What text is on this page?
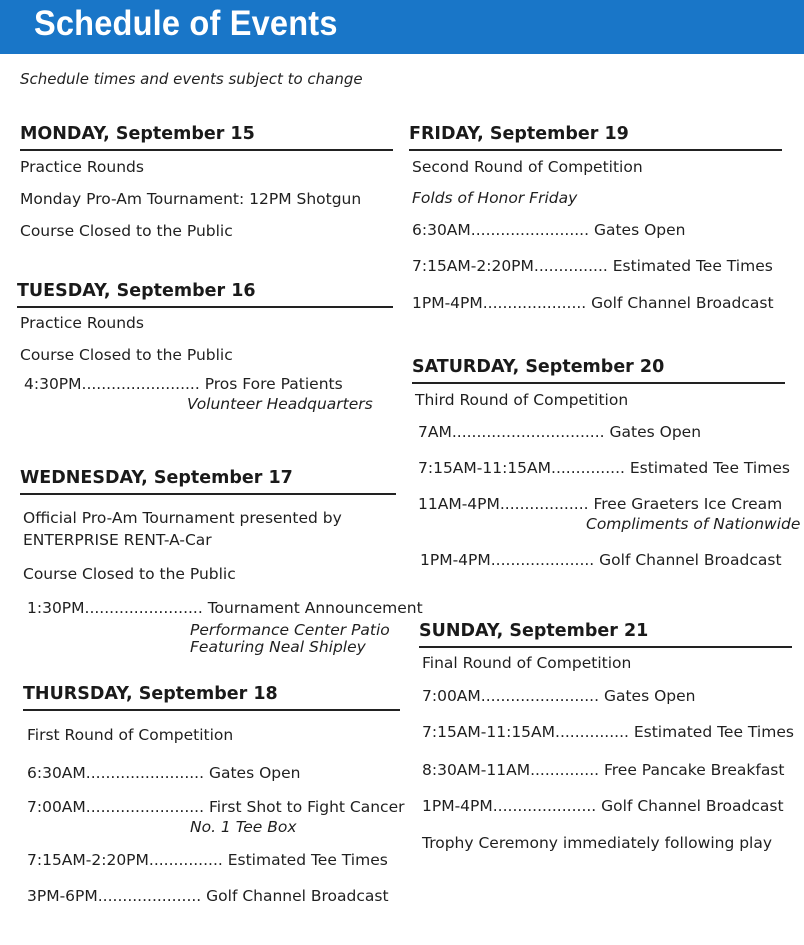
Schedule of Events
Schedule times and events subject to change
MONDAY, September 15
Practice Rounds
Monday Pro-Am Tournament: 12PM Shotgun
Course Closed to the Public
TUESDAY, September 16
Practice Rounds
Course Closed to the Public
4:30PM........................ Pros Fore Patients
Volunteer Headquarters
WEDNESDAY, September 17
Official Pro-Am Tournament presented by
ENTERPRISE RENT-A-Car
Course Closed to the Public
1:30PM........................ Tournament Announcement
Performance Center Patio
Featuring Neal Shipley
THURSDAY, September 18
First Round of Competition
6:30AM........................ Gates Open
7:00AM........................ First Shot to Fight Cancer
No. 1 Tee Box
7:15AM-2:20PM............... Estimated Tee Times
3PM-6PM..................... Golf Channel Broadcast
FRIDAY, September 19
Second Round of Competition
Folds of Honor Friday
6:30AM........................ Gates Open
7:15AM-2:20PM............... Estimated Tee Times
1PM-4PM..................... Golf Channel Broadcast
SATURDAY, September 20
Third Round of Competition
7AM............................... Gates Open
7:15AM-11:15AM............... Estimated Tee Times
11AM-4PM.................. Free Graeters Ice Cream
Compliments of Nationwide
1PM-4PM..................... Golf Channel Broadcast
SUNDAY, September 21
Final Round of Competition
7:00AM........................ Gates Open
7:15AM-11:15AM............... Estimated Tee Times
8:30AM-11AM.............. Free Pancake Breakfast
1PM-4PM..................... Golf Channel Broadcast
Trophy Ceremony immediately following play
